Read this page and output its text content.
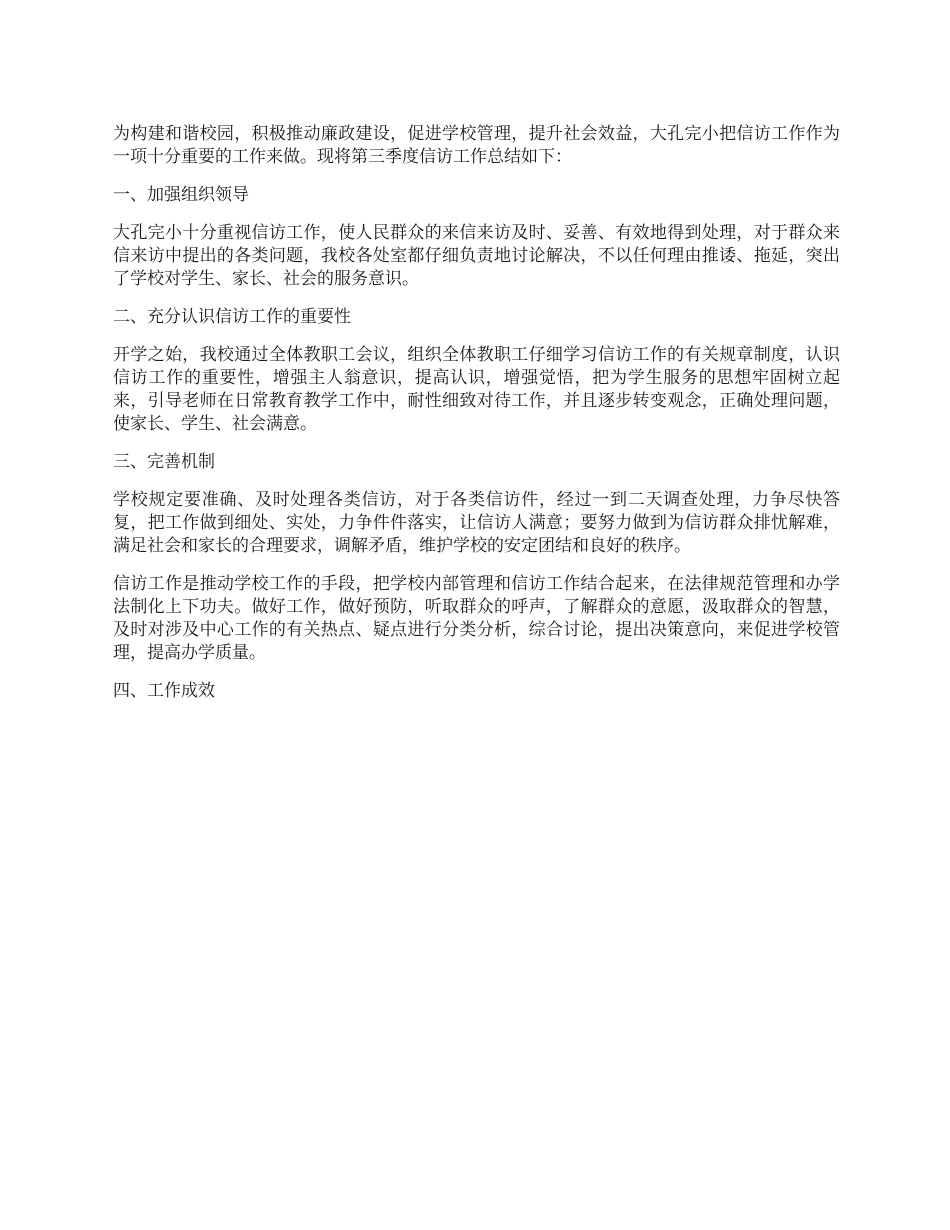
为构建和谐校园，积极推动廉政建设，促进学校管理，提升社会效益，大孔完小把信访工作作为一项十分重要的工作来做。现将第三季度信访工作总结如下：

一、加强组织领导

大孔完小十分重视信访工作，使人民群众的来信来访及时、妥善、有效地得到处理，对于群众来信来访中提出的各类问题，我校各处室都仔细负责地讨论解决，不以任何理由推诿、拖延，突出了学校对学生、家长、社会的服务意识。

二、充分认识信访工作的重要性

开学之始，我校通过全体教职工会议，组织全体教职工仔细学习信访工作的有关规章制度，认识信访工作的重要性，增强主人翁意识，提高认识，增强觉悟，把为学生服务的思想牢固树立起来，引导老师在日常教育教学工作中，耐性细致对待工作，并且逐步转变观念，正确处理问题，使家长、学生、社会满意。

三、完善机制

学校规定要准确、及时处理各类信访，对于各类信访件，经过一到二天调查处理，力争尽快答复，把工作做到细处、实处，力争件件落实，让信访人满意；要努力做到为信访群众排忧解难，满足社会和家长的合理要求，调解矛盾，维护学校的安定团结和良好的秩序。

信访工作是推动学校工作的手段，把学校内部管理和信访工作结合起来，在法律规范管理和办学法制化上下功夫。做好工作，做好预防，听取群众的呼声，了解群众的意愿，汲取群众的智慧，及时对涉及中心工作的有关热点、疑点进行分类分析，综合讨论，提出决策意向，来促进学校管理，提高办学质量。

四、工作成效
